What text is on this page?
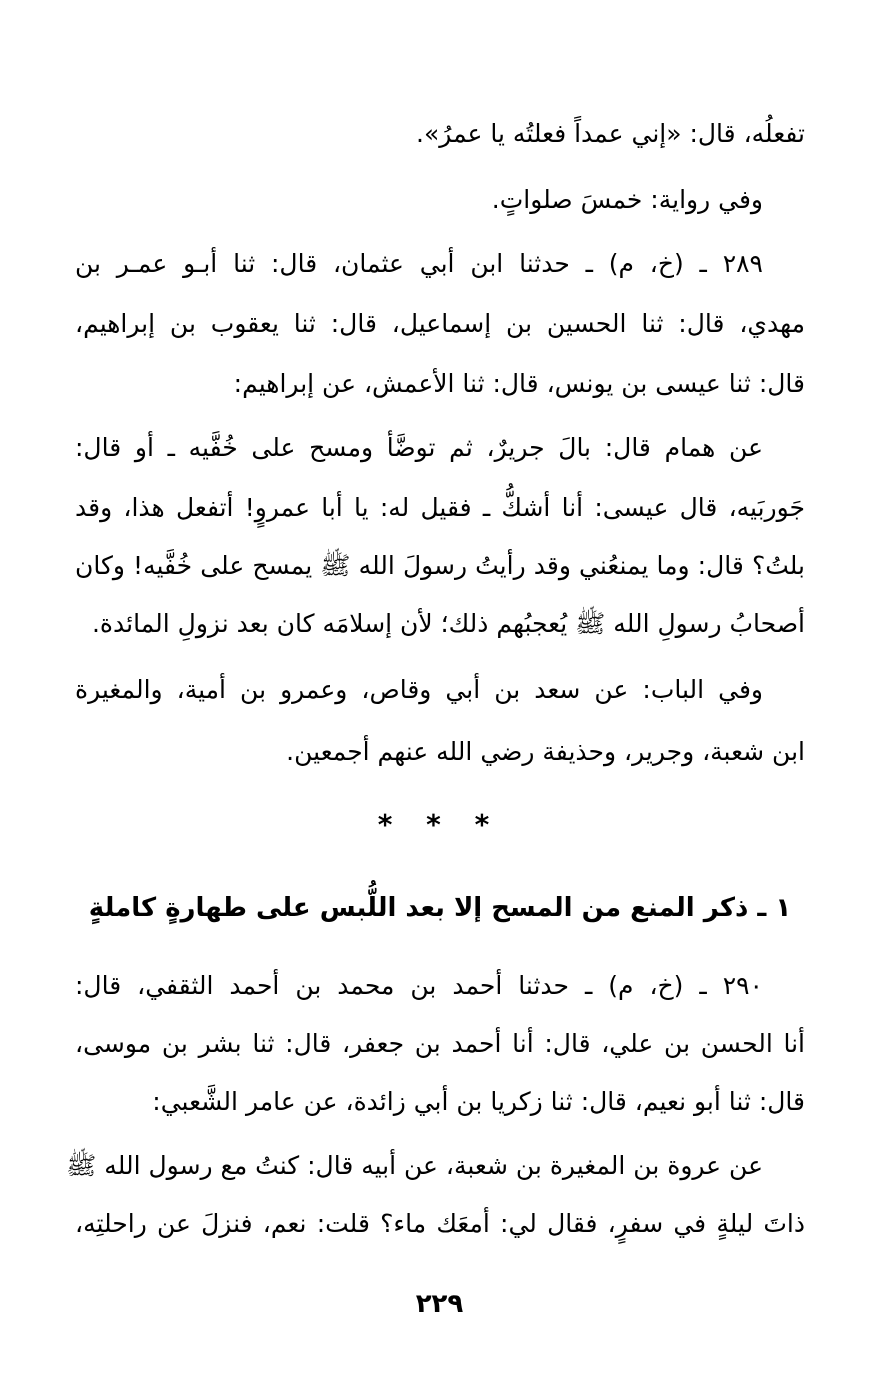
تفعلُه، قال: «إني عمداً فعلتُه يا عمرُ».
وفي رواية: خمسَ صلواتٍ.
٢٨٩ ـ (خ، م) ـ حدثنا ابن أبي عثمان، قال: ثنا أبـو عمـر بن
مهدي، قال: ثنا الحسين بن إسماعيل، قال: ثنا يعقوب بن إبراهيم،
قال: ثنا عيسى بن يونس، قال: ثنا الأعمش، عن إبراهيم:
عن همام قال: بالَ جريرٌ، ثم توضَّأ ومسح على خُفَّيه ـ أو قال:
جَوربَيه، قال عيسى: أنا أشكُّ ـ فقيل له: يا أبا عمروٍ! أتفعل هذا، وقد
بلتُ؟ قال: وما يمنعُني وقد رأيتُ رسولَ الله ﷺ يمسح على خُفَّيه! وكان
أصحابُ رسولِ الله ﷺ يُعجبُهم ذلك؛ لأن إسلامَه كان بعد نزولِ المائدة.
وفي الباب: عن سعد بن أبي وقاص، وعمرو بن أمية، والمغيرة
ابن شعبة، وجرير، وحذيفة رضي الله عنهم أجمعين.
* * *
١ ـ ذكر المنع من المسح إلا بعد اللُّبس على طهارةٍ كاملةٍ
٢٩٠ ـ (خ، م) ـ حدثنا أحمد بن محمد بن أحمد الثقفي، قال:
أنا الحسن بن علي، قال: أنا أحمد بن جعفر، قال: ثنا بشر بن موسى،
قال: ثنا أبو نعيم، قال: ثنا زكريا بن أبي زائدة، عن عامر الشَّعبي:
عن عروة بن المغيرة بن شعبة، عن أبيه قال: كنتُ مع رسول الله ﷺ
ذاتَ ليلةٍ في سفرٍ، فقال لي: أمعَك ماء؟ قلت: نعم، فنزلَ عن راحلتِه،
٢٢٩
